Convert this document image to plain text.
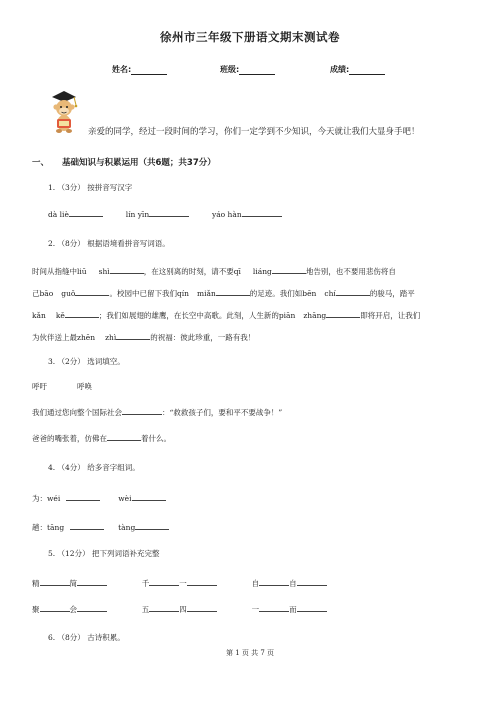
徐州市三年级下册语文期末测试卷
姓名:	班级:	成绩:
亲爱的同学，经过一段时间的学习，你们一定学到不少知识，今天就让我们大显身手吧！
一、 基础知识与积累运用（共6题；共37分）
1. （3分） 按拼音写汉字
dà liè	lín yīn	yáo hàn
2. （8分） 根据语境看拼音写词语。
时间从指缝中liū shì	，在这别离的时刻，请不要qī liáng	地告别，也不要用悲伤将自
己bāo guǒ	。校园中已留下我们qín miǎn	的足迹。我们如bēn chí	的骏马，踏平
kǎn kě	；我们如展翅的雄鹰，在长空中高歌。此刻，人生新的piān zhāng	即将开启，让我们
为伙伴送上最zhēn zhì	的祝福：彼此珍重，一路有我！
3. （2分） 选词填空。
呼吁	呼唤
我们通过您向整个国际社会	：“救救孩子们，要和平不要战争！”
爸爸的嘴张着，仿佛在	着什么。
4. （4分） 给多音字组词。
为：wéi	wèi
趟：tāng	tàng
5. （12分） 把下列词语补充完整
精	简	千	一	自	自
聚	会	五	四	一	而
6. （8分） 古诗积累。
第 1 页 共 7 页
